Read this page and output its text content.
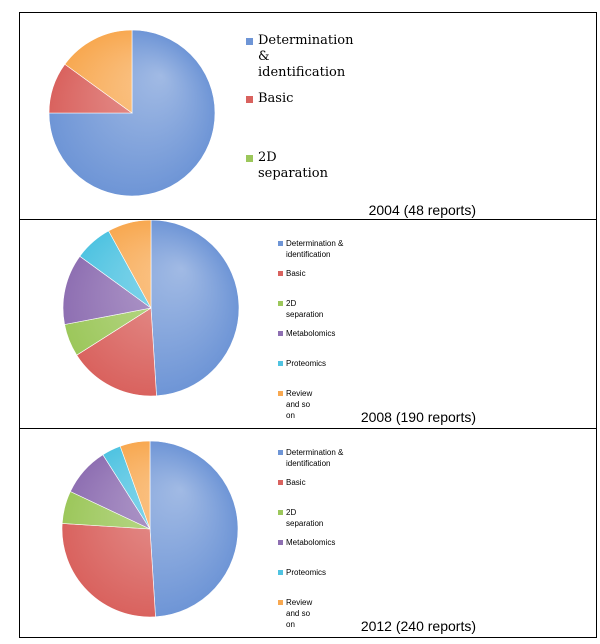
Determination & identification
Basic
2D separation
2004 (48 reports)
Determination & identification
Basic
2D separation
Metabolomics
Proteomics
Review and so on	2008 (190 reports)
Determination & identification
Basic
2D separation
Metabolomics
Proteomics
Review and so on	2012 (240 reports)
